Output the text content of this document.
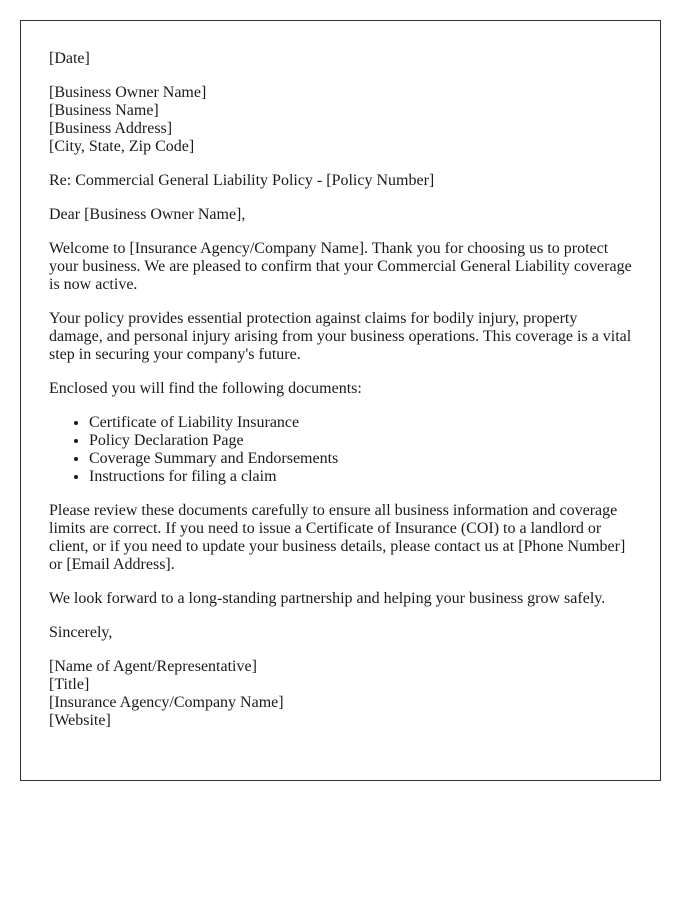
[Date]

[Business Owner Name]
[Business Name]
[Business Address]
[City, State, Zip Code]

Re: Commercial General Liability Policy - [Policy Number]

Dear [Business Owner Name],

Welcome to [Insurance Agency/Company Name]. Thank you for choosing us to protect your business. We are pleased to confirm that your Commercial General Liability coverage is now active.

Your policy provides essential protection against claims for bodily injury, property damage, and personal injury arising from your business operations. This coverage is a vital step in securing your company's future.

Enclosed you will find the following documents:

• Certificate of Liability Insurance
• Policy Declaration Page
• Coverage Summary and Endorsements
• Instructions for filing a claim

Please review these documents carefully to ensure all business information and coverage limits are correct. If you need to issue a Certificate of Insurance (COI) to a landlord or client, or if you need to update your business details, please contact us at [Phone Number] or [Email Address].

We look forward to a long-standing partnership and helping your business grow safely.

Sincerely,

[Name of Agent/Representative]
[Title]
[Insurance Agency/Company Name]
[Website]
